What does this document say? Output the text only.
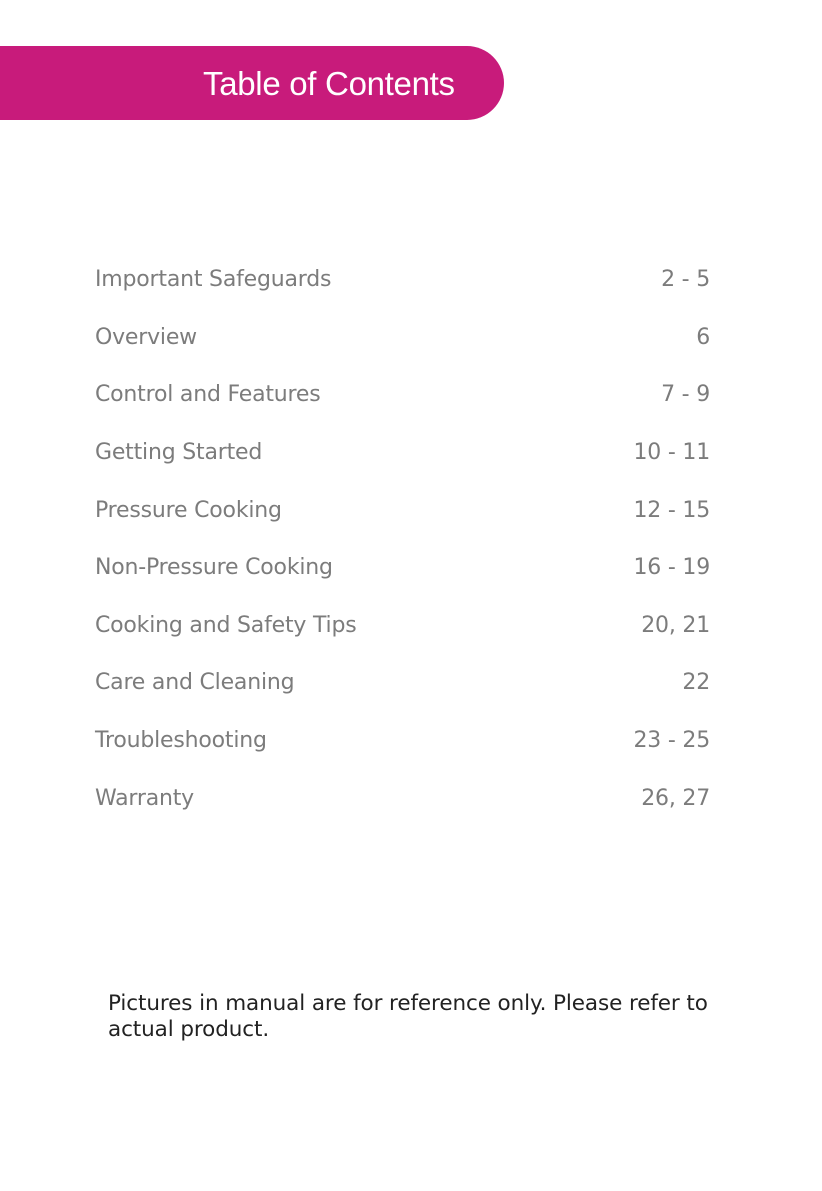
Table of Contents
Important Safeguards	2 - 5
Overview	6
Control and Features	7 - 9
Getting Started	10 - 11
Pressure Cooking	12 - 15
Non-Pressure Cooking	16 - 19
Cooking and Safety Tips	20, 21
Care and Cleaning	22
Troubleshooting	23 - 25
Warranty	26, 27
Pictures in manual are for reference only. Please refer to actual product.
